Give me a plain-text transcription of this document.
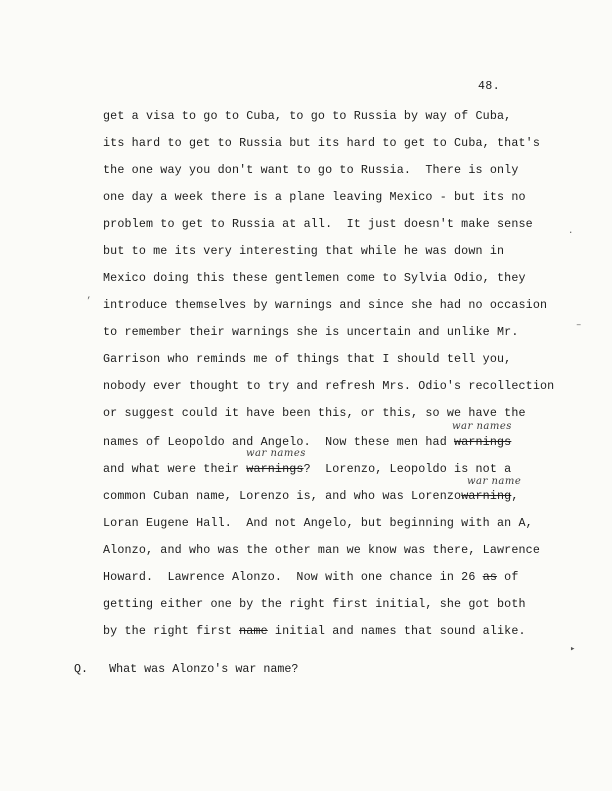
48.
get a visa to go to Cuba, to go to Russia by way of Cuba,
its hard to get to Russia but its hard to get to Cuba, that's
the one way you don't want to go to Russia.  There is only
one day a week there is a plane leaving Mexico - but its no
problem to get to Russia at all.  It just doesn't make sense
but to me its very interesting that while he was down in
Mexico doing this these gentlemen come to Sylvia Odio, they
introduce themselves by warnings and since she had no occasion
to remember their warnings she is uncertain and unlike Mr.
Garrison who reminds me of things that I should tell you,
nobody ever thought to try and refresh Mrs. Odio's recollection
or suggest could it have been this, or this, so we have the
names of Leopoldo and Angelo.  Now these men had warnings
and what were their warnings?  Lorenzo, Leopoldo is not a
common Cuban name, Lorenzo is, and who was Lorenzowarning,
Loran Eugene Hall.  And not Angelo, but beginning with an A,
Alonzo, and who was the other man we know was there, Lawrence
Howard.  Lawrence Alonzo.  Now with one chance in 26 as of
getting either one by the right first initial, she got both
by the right first name initial and names that sound alike.
Q. What was Alonzo's war name?
war names
war names
war name
’
–
·
▸
